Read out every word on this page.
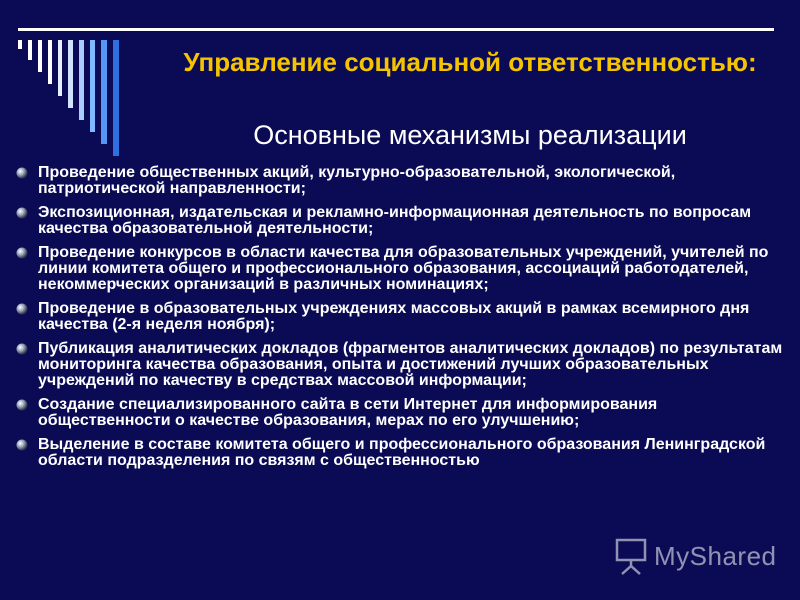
Управление социальной ответственностью:
Основные механизмы реализации
Проведение общественных акций, культурно-образовательной, экологической, патриотической направленности;
Экспозиционная, издательская и рекламно-информационная деятельность по вопросам качества образовательной деятельности;
Проведение конкурсов в области качества для образовательных учреждений, учителей по линии комитета общего и профессионального образования, ассоциаций работодателей, некоммерческих организаций в различных номинациях;
Проведение в образовательных учреждениях массовых акций в рамках всемирного дня качества (2-я неделя ноября);
Публикация аналитических докладов (фрагментов аналитических докладов) по результатам мониторинга качества образования, опыта и достижений лучших образовательных учреждений по качеству в средствах массовой информации;
Создание специализированного сайта в сети Интернет для информирования общественности о качестве образования, мерах по его улучшению;
Выделение в составе комитета общего и профессионального образования Ленинградской области подразделения по связям с общественностью
MyShared
